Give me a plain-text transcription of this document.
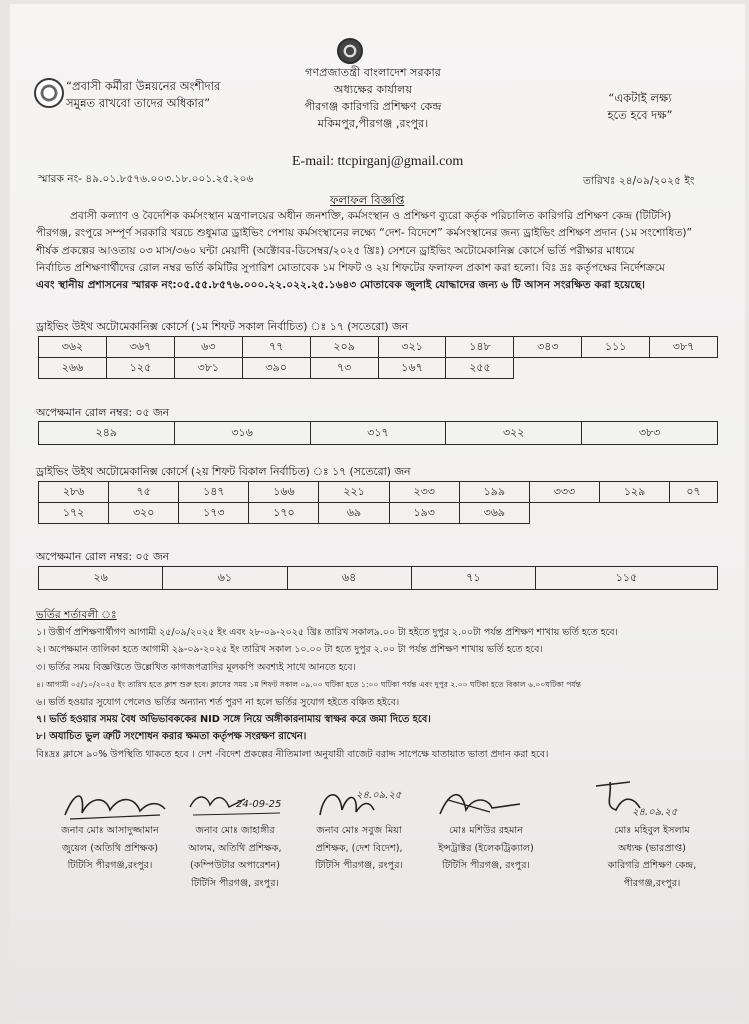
“প্রবাসী কর্মীরা উন্নয়নের অংশীদার
সমুন্নত রাখবো তাদের অধিকার”
গণপ্রজাতন্ত্রী বাংলাদেশ সরকার
অধ্যক্ষের কার্যালয়
পীরগঞ্জ কারিগরি প্রশিক্ষণ কেন্দ্র
মকিমপুর,পীরগঞ্জ ,রংপুর।
E-mail: ttcpirganj@gmail.com
“একটাই লক্ষ্য
হতে হবে দক্ষ”
স্মারক নং- ৪৯.০১.৮৫৭৬.০০৩.১৮.০০১.২৫.২০৬	তারিখঃ ২৪/০৯/২০২৫ ইং
ফলাফল বিজ্ঞপ্তি
প্রবাসী কল্যাণ ও বৈদেশিক কর্মসংস্থান মন্ত্রণালয়ের অধীন জনশক্তি, কর্মসংস্থান ও প্রশিক্ষণ ব্যুরো কর্তৃক পরিচালিত কারিগরি প্রশিক্ষণ কেন্দ্র (টিটিসি)
পীরগঞ্জ, রংপুরে সম্পূর্ণ সরকারি খরচে শুধুমাত্র ড্রাইভিং পেশায় কর্মসংস্থানের লক্ষ্যে “দেশ- বিদেশে” কর্মসংস্থানের জন্য ড্রাইভিং প্রশিক্ষণ প্রদান (১ম সংশোধিত)”
শীর্ষক প্রকল্পের আওতায় ০৩ মাস/৩৬০ ঘন্টা মেয়াদী (অক্টোবর-ডিসেম্বর/২০২৫ খ্রিঃ) সেশনে ড্রাইভিং অটোমেকানিক্স কোর্সে ভর্তি পরীক্ষার মাধ্যমে
নির্বাচিত প্রশিক্ষণার্থীদের রোল নম্বর ভর্তি কমিটির সুপারিশ মোতাবেক ১ম শিফট ও ২য় শিফটের ফলাফল প্রকাশ করা হলো। বিঃ দ্রঃ কর্তৃপক্ষের নির্দেশক্রমে
এবং স্থানীয় প্রশাসনের স্মারক নং:০৫.৫৫.৮৫৭৬.০০০.২২.০২২.২৫.১৬৪৩ মোতাবেক জুলাই যোদ্ধাদের জন্য ৬ টি আসন সংরক্ষিত করা হয়েছে।
ড্রাইভিং উইথ অটোমেকানিক্স কোর্সে (১ম শিফট সকাল নির্বাচিত) ঃ ১৭ (সতেরো) জন
৩৬২	৩৬৭	৬৩	৭৭	২০৯	৩২১	১৪৮	৩৪৩	১১১	৩৮৭
২৬৬	১২৫	৩৮১	৩৯০	৭৩	১৬৭	২৫৫			
অপেক্ষমান রোল নম্বর: ০৫ জন
২৪৯	৩১৬	৩১৭	৩২২	৩৮৩
ড্রাইভিং উইথ অটোমেকানিক্স কোর্সে (২য় শিফট বিকাল নির্বাচিত) ঃ ১৭ (সতেরো) জন
২৮৬	৭৫	১৪৭	১৬৬	২২১	২৩৩	১৯৯	৩৩৩	১২৯	০৭
১৭২	৩২০	১৭৩	১৭০	৬৯	১৯৩	৩৬৯			
অপেক্ষমান রোল নম্বর: ০৫ জন
২৬	৬১	৬৪	৭১	১১৫
ভর্তির শর্তাবলী ঃ
১। উত্তীর্ণ প্রশিক্ষণার্থীগণ আগামী ২৫/০৯/২০২৫ ইং এবং ২৮-০৯-২০২৫ খ্রিঃ তারিখ সকাল৯.০০ টা হইতে দুপুর ২.০০টা পর্যন্ত প্রশিক্ষণ শাখায় ভর্তি হতে হবে।
২। অপেক্ষমান তালিকা হতে আগামী ২৯-০৯-২০২৫ ইং তারিখ সকাল ১০.০০ টা হতে দুপুর ২.০০ টা পর্যন্ত প্রশিক্ষণ শাখায় ভর্তি হতে হবে।
৩। ভর্তির সময় বিজ্ঞপ্তিতে উল্লেখিত কাগজপত্রাদির মূলকপি অবশ্যই সাথে আনতে হবে।
৪। আগামী ০৫/১০/২০২৫ ইং তারিখ হতে ক্লাশ শুরু হবে। ক্লাসের সময় ১ম শিফট সকাল ০৯.০০ ঘটিকা হতে ১:০০ ঘটিকা পর্যন্ত এবং দুপুর ২.০০ ঘটিকা হতে বিকাল ৬.০০ঘটিকা পর্যন্ত
৬। ভর্তি হওয়ার সুযোগ পেলেও ভর্তির অন্যান্য শর্ত পুরণ না হলে ভর্তির সুযোগ হইতে বঞ্চিত হইবে।
৭। ভর্তি হওয়ার সময় বৈধ অভিভাবককের NID সঙ্গে নিয়ে অঙ্গীকারনামায় স্বাক্ষর করে জমা দিতে হবে।
৮। অযাচিত ভুল ত্রুটি সংশোধন করার ক্ষমতা কর্তৃপক্ষ সংরক্ষণ রাখেন।
বিঃদ্রঃ ক্লাসে ৯০% উপস্থিতি থাকতে হবে । দেশ -বিদেশ প্রকল্পের নীতিমালা অনুযায়ী বাজেট বরাদ্দ সাপেক্ষে যাতায়াত ভাতা প্রদান করা হবে।
24-09-25
২৪.০৯.২৫
২৪.০৯.২৫
জনাব মোঃ আসাদুজ্জামান
জুয়েল (অতিথি প্রশিক্ষক)
টিটিসি পীরগঞ্জ,রংপুর।
জনাব মোঃ জাহাঙ্গীর
আলম, অতিথি প্রশিক্ষক,
(কম্পিউটার অপারেশন)
টিটিসি পীরগঞ্জ, রংপুর।
জনাব মোঃ সবুজ মিয়া
প্রশিক্ষক, (দেশ বিদেশ),
টিটিসি পীরগঞ্জ, রংপুর।
মোঃ মশিউর রহমান
ইন্সট্রাক্টর (ইলেকট্রিক্যাল)
টিটিসি পীরগঞ্জ, রংপুর।
মোঃ মহিবুল ইসলাম
অধ্যক্ষ (ভারপ্রাপ্ত)
কারিগরি প্রশিক্ষণ কেন্দ্র,
পীরগঞ্জ,রংপুর।
